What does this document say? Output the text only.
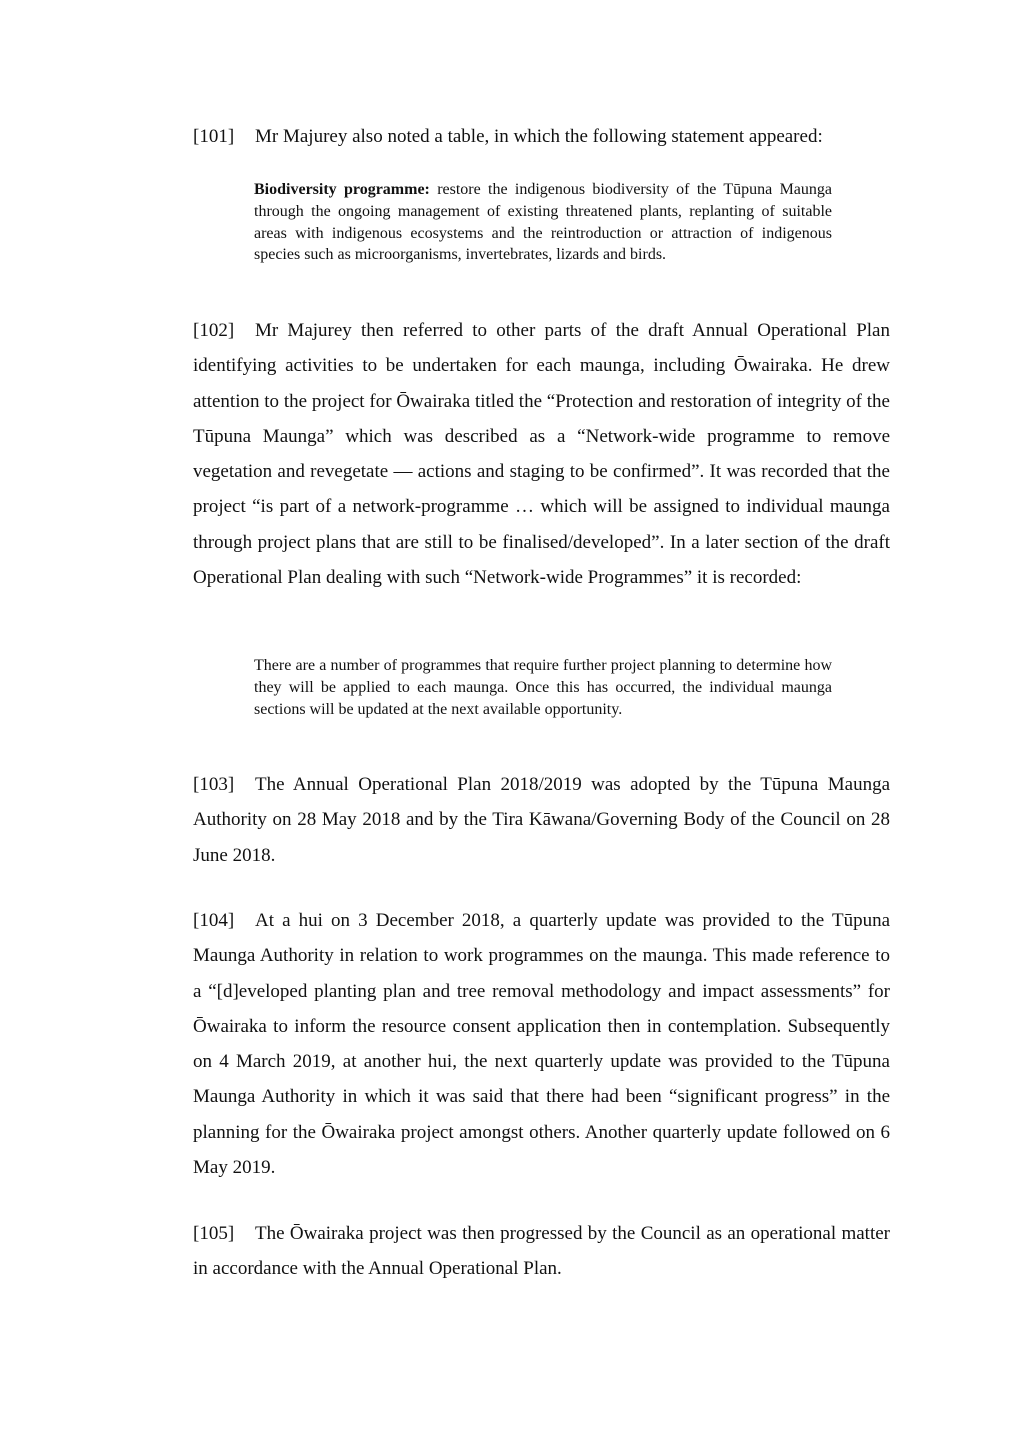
[101] Mr Majurey also noted a table, in which the following statement appeared:

Biodiversity programme: restore the indigenous biodiversity of the Tūpuna Maunga through the ongoing management of existing threatened plants, replanting of suitable areas with indigenous ecosystems and the reintroduction or attraction of indigenous species such as microorganisms, invertebrates, lizards and birds.

[102] Mr Majurey then referred to other parts of the draft Annual Operational Plan identifying activities to be undertaken for each maunga, including Ōwairaka. He drew attention to the project for Ōwairaka titled the “Protection and restoration of integrity of the Tūpuna Maunga” which was described as a “Network-wide programme to remove vegetation and revegetate — actions and staging to be confirmed”. It was recorded that the project “is part of a network-programme … which will be assigned to individual maunga through project plans that are still to be finalised/developed”. In a later section of the draft Operational Plan dealing with such “Network-wide Programmes” it is recorded:

There are a number of programmes that require further project planning to determine how they will be applied to each maunga. Once this has occurred, the individual maunga sections will be updated at the next available opportunity.

[103] The Annual Operational Plan 2018/2019 was adopted by the Tūpuna Maunga Authority on 28 May 2018 and by the Tira Kāwana/Governing Body of the Council on 28 June 2018.

[104] At a hui on 3 December 2018, a quarterly update was provided to the Tūpuna Maunga Authority in relation to work programmes on the maunga. This made reference to a “[d]eveloped planting plan and tree removal methodology and impact assessments” for Ōwairaka to inform the resource consent application then in contemplation. Subsequently on 4 March 2019, at another hui, the next quarterly update was provided to the Tūpuna Maunga Authority in which it was said that there had been “significant progress” in the planning for the Ōwairaka project amongst others. Another quarterly update followed on 6 May 2019.

[105] The Ōwairaka project was then progressed by the Council as an operational matter in accordance with the Annual Operational Plan.
